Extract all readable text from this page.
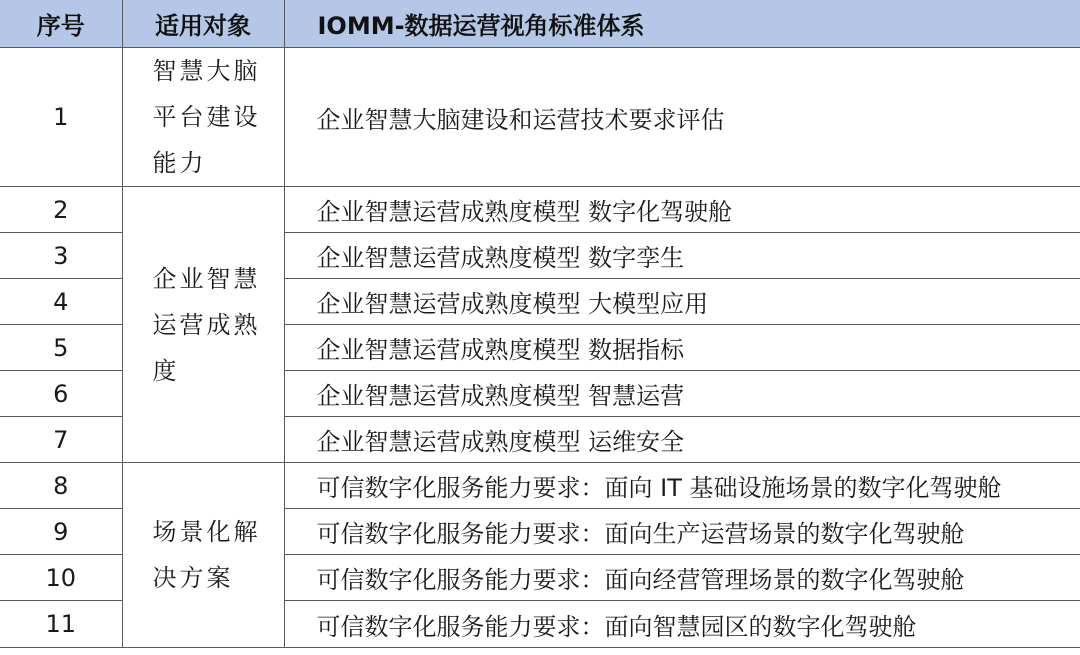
序号	适用对象	IOMM-数据运营视角标准体系
1	智慧大脑平台建设能力	企业智慧大脑建设和运营技术要求评估
2	企业智慧运营成熟度	企业智慧运营成熟度模型 数字化驾驶舱
3		企业智慧运营成熟度模型 数字孪生
4		企业智慧运营成熟度模型 大模型应用
5		企业智慧运营成熟度模型 数据指标
6		企业智慧运营成熟度模型 智慧运营
7		企业智慧运营成熟度模型 运维安全
8	场景化解决方案	可信数字化服务能力要求：面向 IT 基础设施场景的数字化驾驶舱
9		可信数字化服务能力要求：面向生产运营场景的数字化驾驶舱
10		可信数字化服务能力要求：面向经营管理场景的数字化驾驶舱
11		可信数字化服务能力要求：面向智慧园区的数字化驾驶舱
